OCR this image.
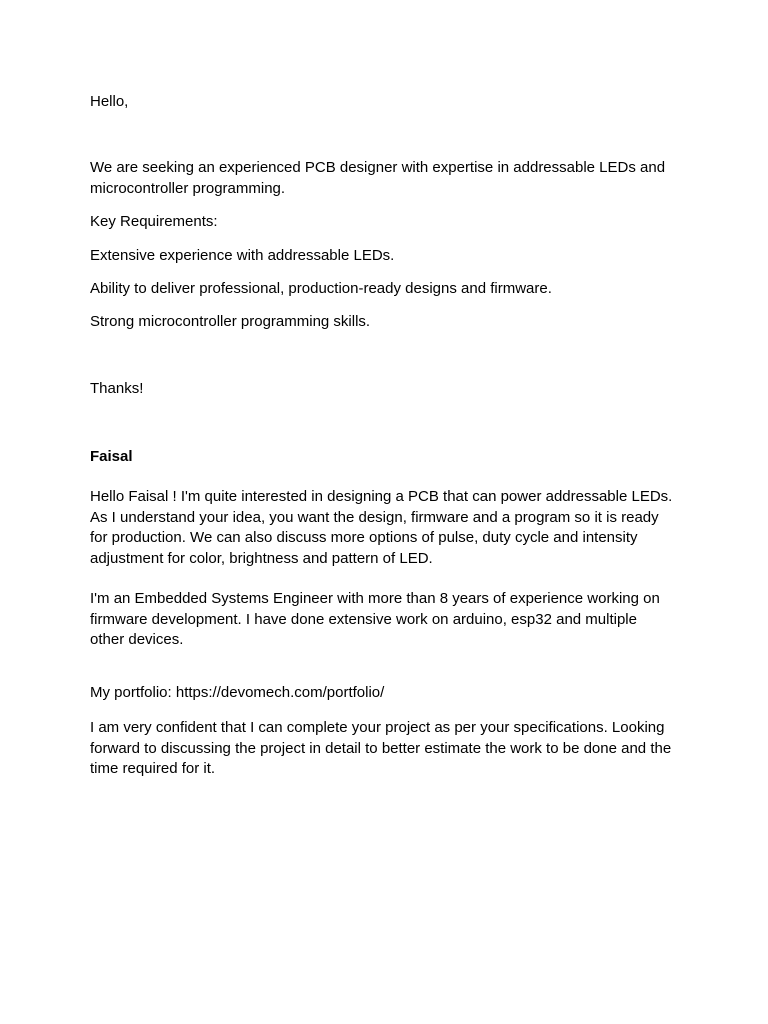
Hello,
We are seeking an experienced PCB designer with expertise in addressable LEDs and
microcontroller programming.
Key Requirements:
Extensive experience with addressable LEDs.
Ability to deliver professional, production-ready designs and firmware.
Strong microcontroller programming skills.
Thanks!
Faisal
Hello Faisal ! I'm quite interested in designing a PCB that can power addressable LEDs.
As I understand your idea, you want the design, firmware and a program so it is ready
for production. We can also discuss more options of pulse, duty cycle and intensity
adjustment for color, brightness and pattern of LED.
I'm an Embedded Systems Engineer with more than 8 years of experience working on
firmware development. I have done extensive work on arduino, esp32 and multiple
other devices.
My portfolio: https://devomech.com/portfolio/
I am very confident that I can complete your project as per your specifications. Looking
forward to discussing the project in detail to better estimate the work to be done and the
time required for it.
